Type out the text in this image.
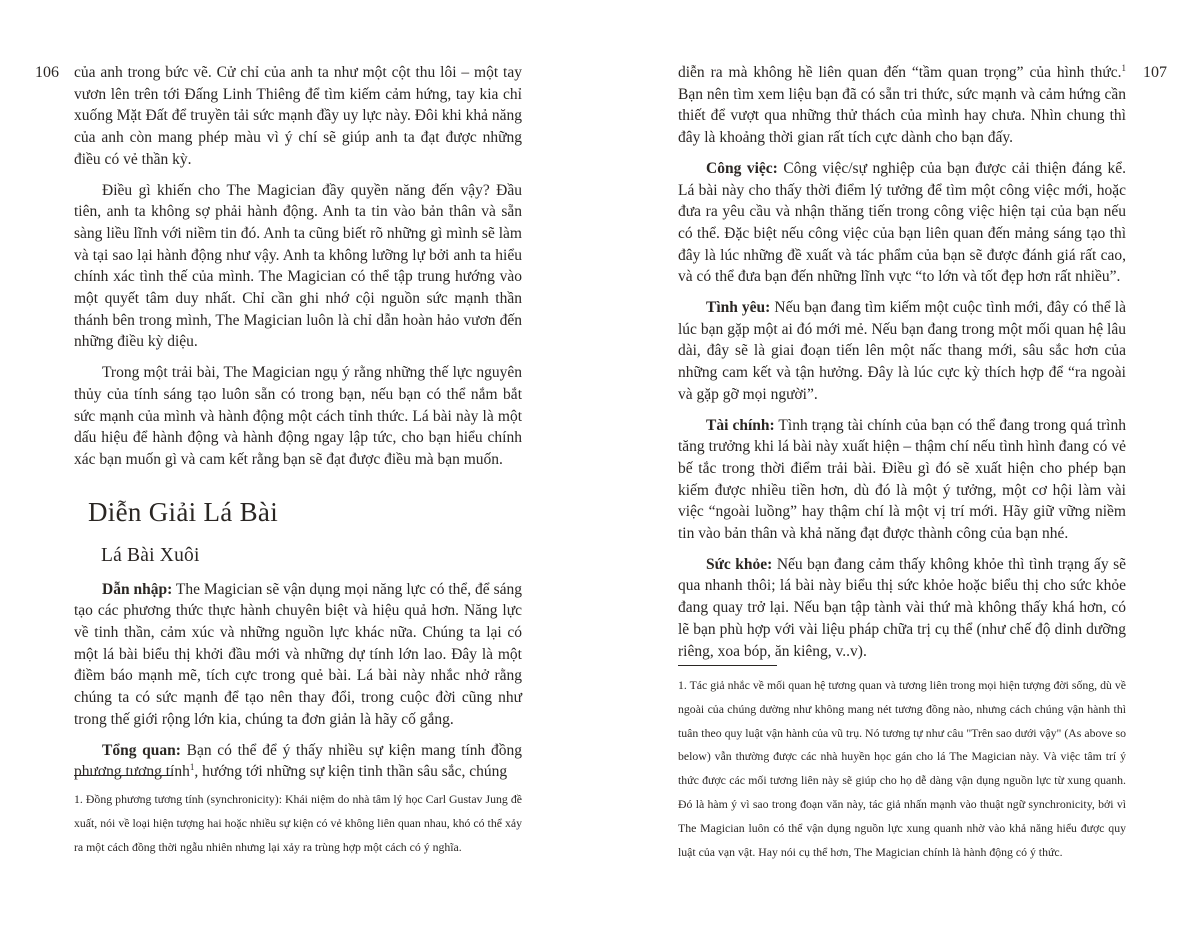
106 của anh trong bức vẽ. Cử chỉ của anh ta như một cột thu lôi – một tay vươn lên trên tới Đấng Linh Thiêng để tìm kiếm cảm hứng, tay kia chỉ xuống Mặt Đất để truyền tải sức mạnh đầy uy lực này. Đôi khi khả năng của anh còn mang phép màu vì ý chí sẽ giúp anh ta đạt được những điều có vẻ thần kỳ.

Điều gì khiến cho The Magician đầy quyền năng đến vậy? Đầu tiên, anh ta không sợ phải hành động. Anh ta tin vào bản thân và sẵn sàng liều lĩnh với niềm tin đó. Anh ta cũng biết rõ những gì mình sẽ làm và tại sao lại hành động như vậy. Anh ta không lưỡng lự bởi anh ta hiểu chính xác tình thế của mình. The Magician có thể tập trung hướng vào một quyết tâm duy nhất. Chỉ cần ghi nhớ cội nguồn sức mạnh thần thánh bên trong mình, The Magician luôn là chỉ dẫn hoàn hảo vươn đến những điều kỳ diệu.

Trong một trải bài, The Magician ngụ ý rằng những thế lực nguyên thủy của tính sáng tạo luôn sẵn có trong bạn, nếu bạn có thể nắm bắt sức mạnh của mình và hành động một cách tỉnh thức. Lá bài này là một dấu hiệu để hành động và hành động ngay lập tức, cho bạn hiểu chính xác bạn muốn gì và cam kết rằng bạn sẽ đạt được điều mà bạn muốn.

Diễn Giải Lá Bài
Lá Bài Xuôi

Dẫn nhập: The Magician sẽ vận dụng mọi năng lực có thể, để sáng tạo các phương thức thực hành chuyên biệt và hiệu quả hơn. Năng lực về tinh thần, cảm xúc và những nguồn lực khác nữa. Chúng ta lại có một lá bài biểu thị khởi đầu mới và những dự tính lớn lao. Đây là một điềm báo mạnh mẽ, tích cực trong quẻ bài. Lá bài này nhắc nhở rằng chúng ta có sức mạnh để tạo nên thay đổi, trong cuộc đời cũng như trong thế giới rộng lớn kia, chúng ta đơn giản là hãy cố gắng.

Tổng quan: Bạn có thể để ý thấy nhiều sự kiện mang tính đồng phương tương tính$^1$, hướng tới những sự kiện tinh thần sâu sắc, chúng

1. Đồng phương tương tính (synchronicity): Khái niệm do nhà tâm lý học Carl Gustav Jung đề xuất, nói về loại hiện tượng hai hoặc nhiều sự kiện có vẻ không liên quan nhau, khó có thể xảy ra một cách đồng thời ngẫu nhiên nhưng lại xảy ra trùng hợp một cách có ý nghĩa.

107

diễn ra mà không hề liên quan đến “tầm quan trọng” của hình thức.$^1$ Bạn nên tìm xem liệu bạn đã có sẵn tri thức, sức mạnh và cảm hứng cần thiết để vượt qua những thử thách của mình hay chưa. Nhìn chung thì đây là khoảng thời gian rất tích cực dành cho bạn đấy.

Công việc: Công việc/sự nghiệp của bạn được cải thiện đáng kể. Lá bài này cho thấy thời điểm lý tưởng để tìm một công việc mới, hoặc đưa ra yêu cầu và nhận thăng tiến trong công việc hiện tại của bạn nếu có thể. Đặc biệt nếu công việc của bạn liên quan đến mảng sáng tạo thì đây là lúc những đề xuất và tác phẩm của bạn sẽ được đánh giá rất cao, và có thể đưa bạn đến những lĩnh vực “to lớn và tốt đẹp hơn rất nhiều”.

Tình yêu: Nếu bạn đang tìm kiếm một cuộc tình mới, đây có thể là lúc bạn gặp một ai đó mới mẻ. Nếu bạn đang trong một mối quan hệ lâu dài, đây sẽ là giai đoạn tiến lên một nấc thang mới, sâu sắc hơn của những cam kết và tận hưởng. Đây là lúc cực kỳ thích hợp để “ra ngoài và gặp gỡ mọi người”.

Tài chính: Tình trạng tài chính của bạn có thể đang trong quá trình tăng trưởng khi lá bài này xuất hiện – thậm chí nếu tình hình đang có vẻ bế tắc trong thời điểm trải bài. Điều gì đó sẽ xuất hiện cho phép bạn kiếm được nhiều tiền hơn, dù đó là một ý tưởng, một cơ hội làm vài việc “ngoài luồng” hay thậm chí là một vị trí mới. Hãy giữ vững niềm tin vào bản thân và khả năng đạt được thành công của bạn nhé.

Sức khỏe: Nếu bạn đang cảm thấy không khỏe thì tình trạng ấy sẽ qua nhanh thôi; lá bài này biểu thị sức khỏe hoặc biểu thị cho sức khỏe đang quay trở lại. Nếu bạn tập tành vài thứ mà không thấy khá hơn, có lẽ bạn phù hợp với vài liệu pháp chữa trị cụ thể (như chế độ dinh dưỡng riêng, xoa bóp, ăn kiêng, v..v).

1. Tác giả nhắc về mối quan hệ tương quan và tương liên trong mọi hiện tượng đời sống, dù về ngoài của chúng dường như không mang nét tương đồng nào, nhưng cách chúng vận hành thì tuân theo quy luật vận hành của vũ trụ. Nó tương tự như câu "Trên sao dưới vậy" (As above so below) vẫn thường được các nhà huyền học gán cho lá The Magician này. Và việc tâm trí ý thức được các mối tương liên này sẽ giúp cho họ dễ dàng vận dụng nguồn lực từ xung quanh. Đó là hàm ý vì sao trong đoạn văn này, tác giả nhấn mạnh vào thuật ngữ synchronicity, bởi vì The Magician luôn có thể vận dụng nguồn lực xung quanh nhờ vào khả năng hiểu được quy luật của vạn vật. Hay nói cụ thể hơn, The Magician chính là hành động có ý thức.
